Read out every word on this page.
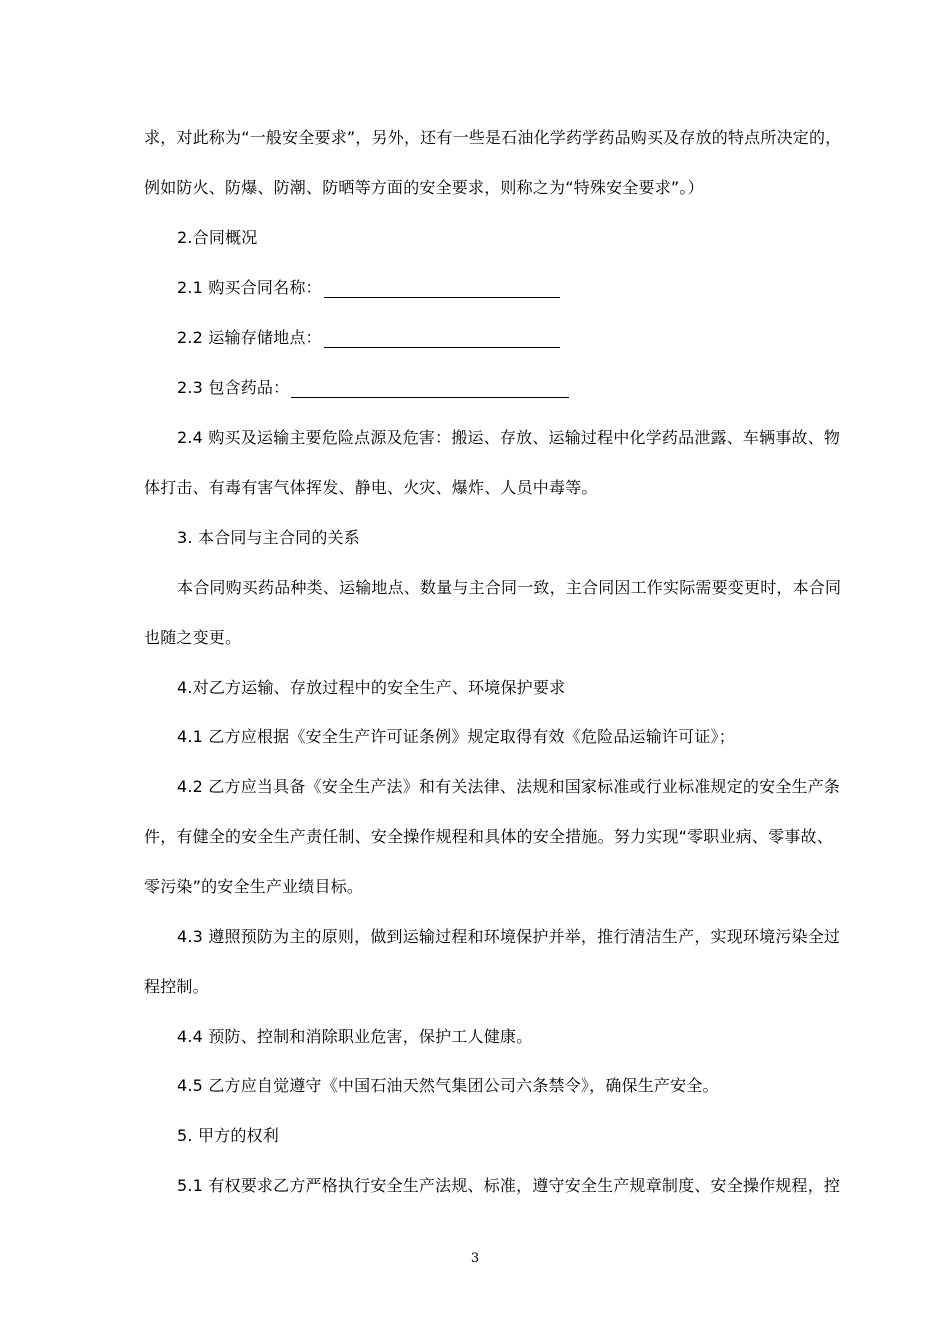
求，对此称为“一般安全要求”，另外，还有一些是石油化学药学药品购买及存放的特点所决定的，
例如防火、防爆、防潮、防晒等方面的安全要求，则称之为“特殊安全要求”。）
2.合同概况
2.1 购买合同名称：
2.2 运输存储地点：
2.3 包含药品：
2.4 购买及运输主要危险点源及危害：搬运、存放、运输过程中化学药品泄露、车辆事故、物
体打击、有毒有害气体挥发、静电、火灾、爆炸、人员中毒等。
3. 本合同与主合同的关系
本合同购买药品种类、运输地点、数量与主合同一致，主合同因工作实际需要变更时，本合同
也随之变更。
4.对乙方运输、存放过程中的安全生产、环境保护要求
4.1 乙方应根据《安全生产许可证条例》规定取得有效《危险品运输许可证》；
4.2 乙方应当具备《安全生产法》和有关法律、法规和国家标准或行业标准规定的安全生产条
件，有健全的安全生产责任制、安全操作规程和具体的安全措施。努力实现“零职业病、零事故、
零污染”的安全生产业绩目标。
4.3 遵照预防为主的原则，做到运输过程和环境保护并举，推行清洁生产，实现环境污染全过
程控制。
4.4 预防、控制和消除职业危害，保护工人健康。
4.5 乙方应自觉遵守《中国石油天然气集团公司六条禁令》，确保生产安全。
5. 甲方的权利
5.1 有权要求乙方严格执行安全生产法规、标准，遵守安全生产规章制度、安全操作规程，控
3
